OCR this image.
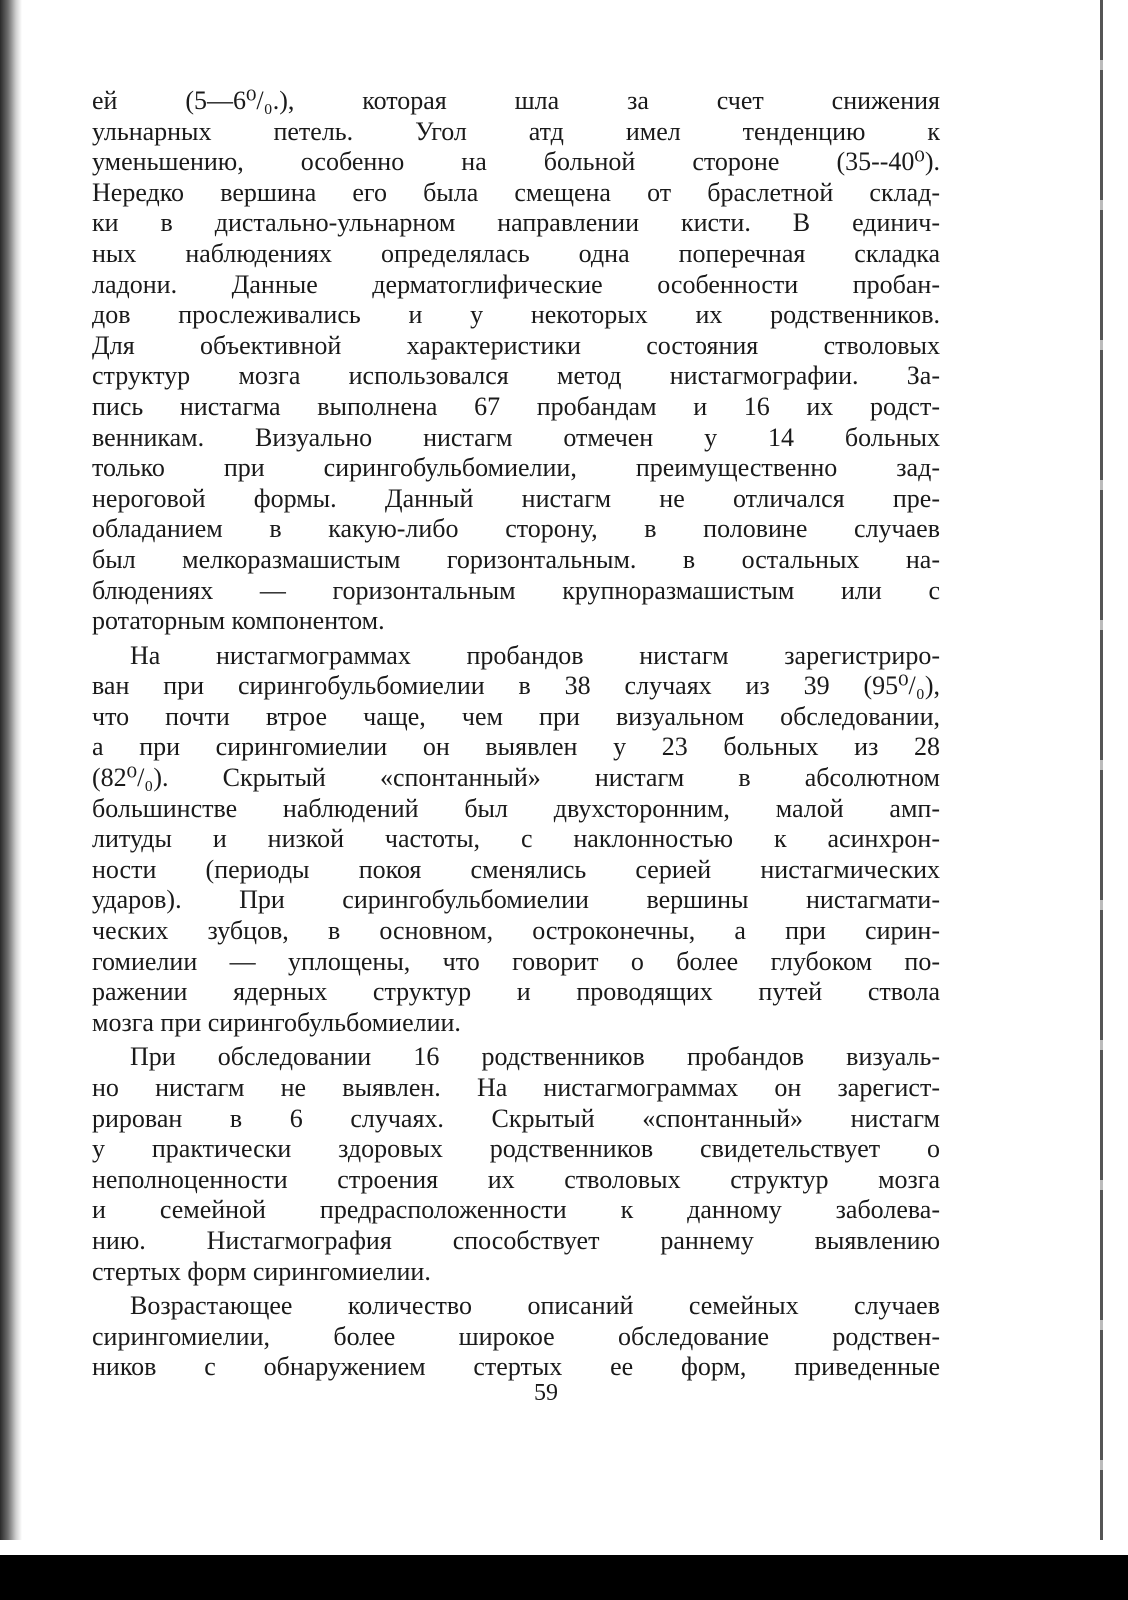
ей (5—6⁰/₀.), которая шла за счет снижения
ульнарных петель. Угол атд имел тенденцию к
уменьшению, особенно на больной стороне (35--40⁰).
Нередко вершина его была смещена от браслетной склад-
ки в дистально-ульнарном направлении кисти. В единич-
ных наблюдениях определялась одна поперечная складка
ладони. Данные дерматоглифические особенности пробан-
дов прослеживались и у некоторых их родственников.
Для объективной характеристики состояния стволовых
структур мозга использовался метод нистагмографии. За-
пись нистагма выполнена 67 пробандам и 16 их родст-
венникам. Визуально нистагм отмечен у 14 больных
только при сирингобульбомиелии, преимущественно зад-
нероговой формы. Данный нистагм не отличался пре-
обладанием в какую-либо сторону, в половине случаев
был мелкоразмашистым горизонтальным. в остальных на-
блюдениях — горизонтальным крупноразмашистым или с
ротаторным компонентом.
На нистагмограммах пробандов нистагм зарегистриро-
ван при сирингобульбомиелии в 38 случаях из 39 (95⁰/₀),
что почти втрое чаще, чем при визуальном обследовании,
а при сирингомиелии он выявлен у 23 больных из 28
(82⁰/₀). Скрытый «спонтанный» нистагм в абсолютном
большинстве наблюдений был двухсторонним, малой амп-
литуды и низкой частоты, с наклонностью к асинхрон-
ности (периоды покоя сменялись серией нистагмических
ударов). При сирингобульбомиелии вершины нистагмати-
ческих зубцов, в основном, остроконечны, а при сирин-
гомиелии — уплощены, что говорит о более глубоком по-
ражении ядерных структур и проводящих путей ствола
мозга при сирингобульбомиелии.
При обследовании 16 родственников пробандов визуаль-
но нистагм не выявлен. На нистагмограммах он зарегист-
рирован в 6 случаях. Скрытый «спонтанный» нистагм
у практически здоровых родственников свидетельствует о
неполноценности строения их стволовых структур мозга
и семейной предрасположенности к данному заболева-
нию. Нистагмография способствует раннему выявлению
стертых форм сирингомиелии.
Возрастающее количество описаний семейных случаев
сирингомиелии, более широкое обследование родствен-
ников с обнаружением стертых ее форм, приведенные
59
